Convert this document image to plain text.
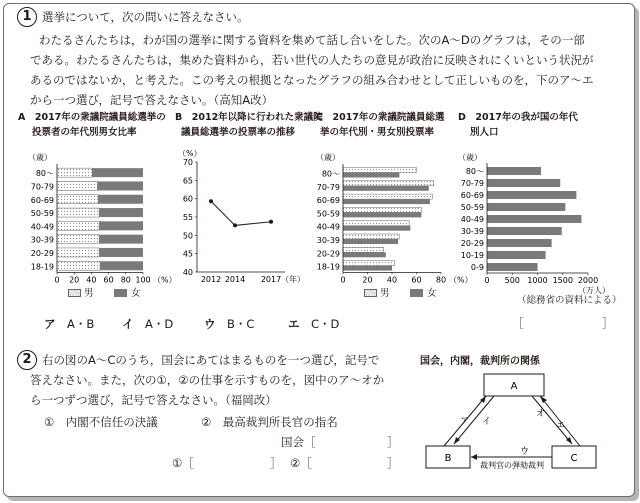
1 選挙について，次の問いに答えなさい。
わたるさんたちは，わが国の選挙に関する資料を集めて話し合いをした。次のA～Dのグラフは，その一部
である。わたるさんたちは，集めた資料から，若い世代の人たちの意見が政治に反映されにくいという状況が
あるのではないか，と考えた。この考えの根拠となったグラフの組み合わせとして正しいものを，下のア～エ
から一つ選び，記号で答えなさい。（高知A改）
A　2017年の衆議院議員総選挙の
投票者の年代別男女比率
B　2012年以降に行われた衆議院
議員総選挙の投票率の推移
C　2017年の衆議院議員総選
挙の年代別・男女別投票率
D　2017年の我が国の年代
別人口
（歳）
80～
70-79
60-69
50-59
40-49
30-39
20-29
18-19
0 20 40 60 80 100 （%）
（%）
40
45
50
55
60
65
70
2012 2014 2017 （年）
（歳）
80～
70-79
60-69
50-59
40-49
30-39
20-29
18-19
0 20 40 60 80 （%）
（歳）
80～
70-79
60-69
50-59
40-49
30-39
20-29
10-19
0-9
0 500 1000 1500 2000
（万人）
男	女	男	女
（総務省の資料による）
ア　 A・B イ　 A・D	ウ　 B・C	エ　 C・D	［	］
2 右の図のA～Cのうち，国会にあてはまるものを一つ選び，記号で
答えなさい。また，次の①，②の仕事を示すものを，図中のア～オか
ら一つずつ選び，記号で答えなさい。（福岡改）
①　内閣不信任の決議	②　最高裁判所長官の指名
国会［	］
①［	］ ②［	］
国会，内閣，裁判所の関係
A
B	C
ア イ
オ
エ
ウ
裁判官の弾劾裁判
